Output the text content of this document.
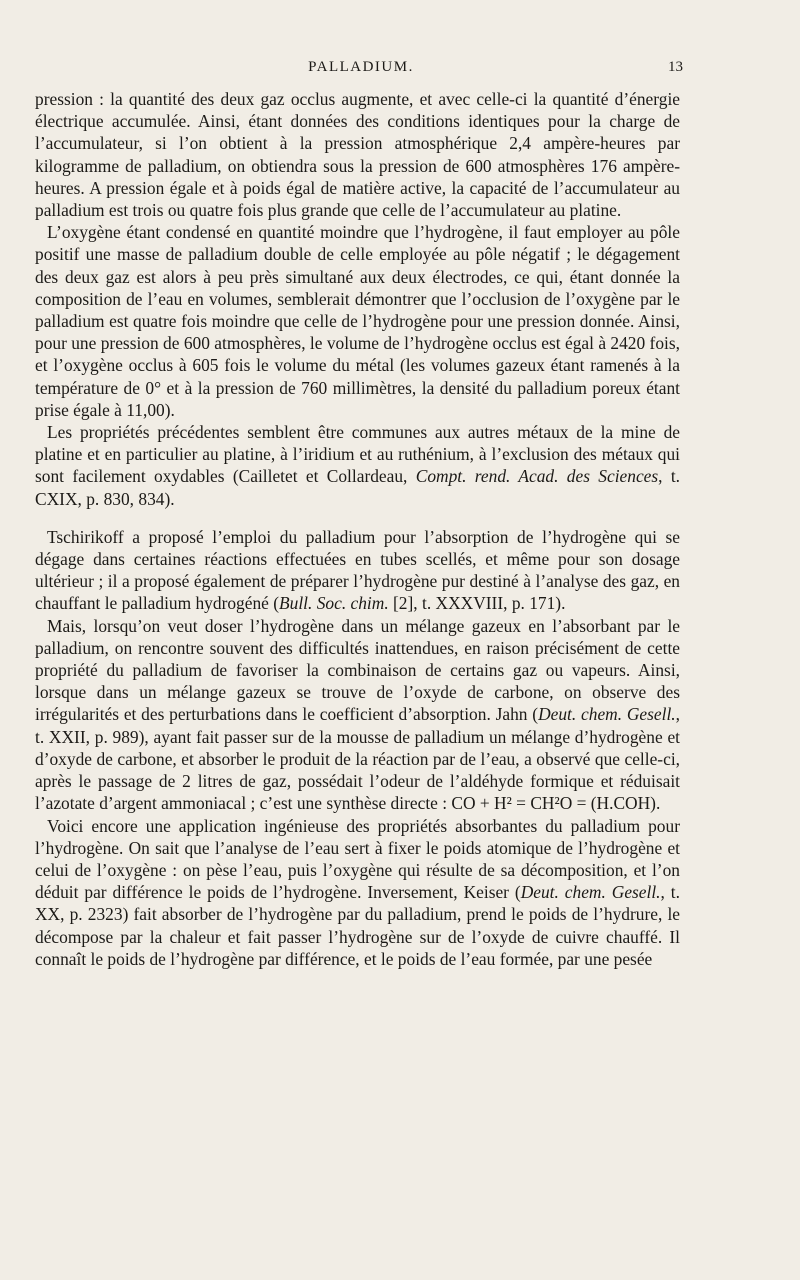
PALLADIUM.	13

pression : la quantité des deux gaz occlus augmente, et avec celle-ci la quantité d’énergie électrique accumulée. Ainsi, étant données des conditions identiques pour la charge de l’accumulateur, si l’on obtient à la pression atmosphérique 2,4 ampère-heures par kilogramme de palladium, on obtiendra sous la pression de 600 atmosphères 176 ampère-heures. A pression égale et à poids égal de matière active, la capacité de l’accumulateur au palladium est trois ou quatre fois plus grande que celle de l’accumulateur au platine.

L’oxygène étant condensé en quantité moindre que l’hydrogène, il faut employer au pôle positif une masse de palladium double de celle employée au pôle négatif ; le dégagement des deux gaz est alors à peu près simultané aux deux électrodes, ce qui, étant donnée la composition de l’eau en volumes, semblerait démontrer que l’occlusion de l’oxygène par le palladium est quatre fois moindre que celle de l’hydrogène pour une pression donnée. Ainsi, pour une pression de 600 atmosphères, le volume de l’hydrogène occlus est égal à 2420 fois, et l’oxygène occlus à 605 fois le volume du métal (les volumes gazeux étant ramenés à la température de 0° et à la pression de 760 millimètres, la densité du palladium poreux étant prise égale à 11,00).

Les propriétés précédentes semblent être communes aux autres métaux de la mine de platine et en particulier au platine, à l’iridium et au ruthénium, à l’exclusion des métaux qui sont facilement oxydables (Cailletet et Collardeau, Compt. rend. Acad. des Sciences, t. CXIX, p. 830, 834).

Tschirikoff a proposé l’emploi du palladium pour l’absorption de l’hydrogène qui se dégage dans certaines réactions effectuées en tubes scellés, et même pour son dosage ultérieur ; il a proposé également de préparer l’hydrogène pur destiné à l’analyse des gaz, en chauffant le palladium hydrogéné (Bull. Soc. chim. [2], t. XXXVIII, p. 171).

Mais, lorsqu’on veut doser l’hydrogène dans un mélange gazeux en l’absorbant par le palladium, on rencontre souvent des difficultés inattendues, en raison précisément de cette propriété du palladium de favoriser la combinaison de certains gaz ou vapeurs. Ainsi, lorsque dans un mélange gazeux se trouve de l’oxyde de carbone, on observe des irrégularités et des perturbations dans le coefficient d’absorption. Jahn (Deut. chem. Gesell., t. XXII, p. 989), ayant fait passer sur de la mousse de palladium un mélange d’hydrogène et d’oxyde de carbone, et absorber le produit de la réaction par de l’eau, a observé que celle-ci, après le passage de 2 litres de gaz, possédait l’odeur de l’aldéhyde formique et réduisait l’azotate d’argent ammoniacal ; c’est une synthèse directe : CO + H² = CH²O = (H.COH).

Voici encore une application ingénieuse des propriétés absorbantes du palladium pour l’hydrogène. On sait que l’analyse de l’eau sert à fixer le poids atomique de l’hydrogène et celui de l’oxygène : on pèse l’eau, puis l’oxygène qui résulte de sa décomposition, et l’on déduit par différence le poids de l’hydrogène. Inversement, Keiser (Deut. chem. Gesell., t. XX, p. 2323) fait absorber de l’hydrogène par du palladium, prend le poids de l’hydrure, le décompose par la chaleur et fait passer l’hydrogène sur de l’oxyde de cuivre chauffé. Il connaît le poids de l’hydrogène par différence, et le poids de l’eau formée, par une pesée
